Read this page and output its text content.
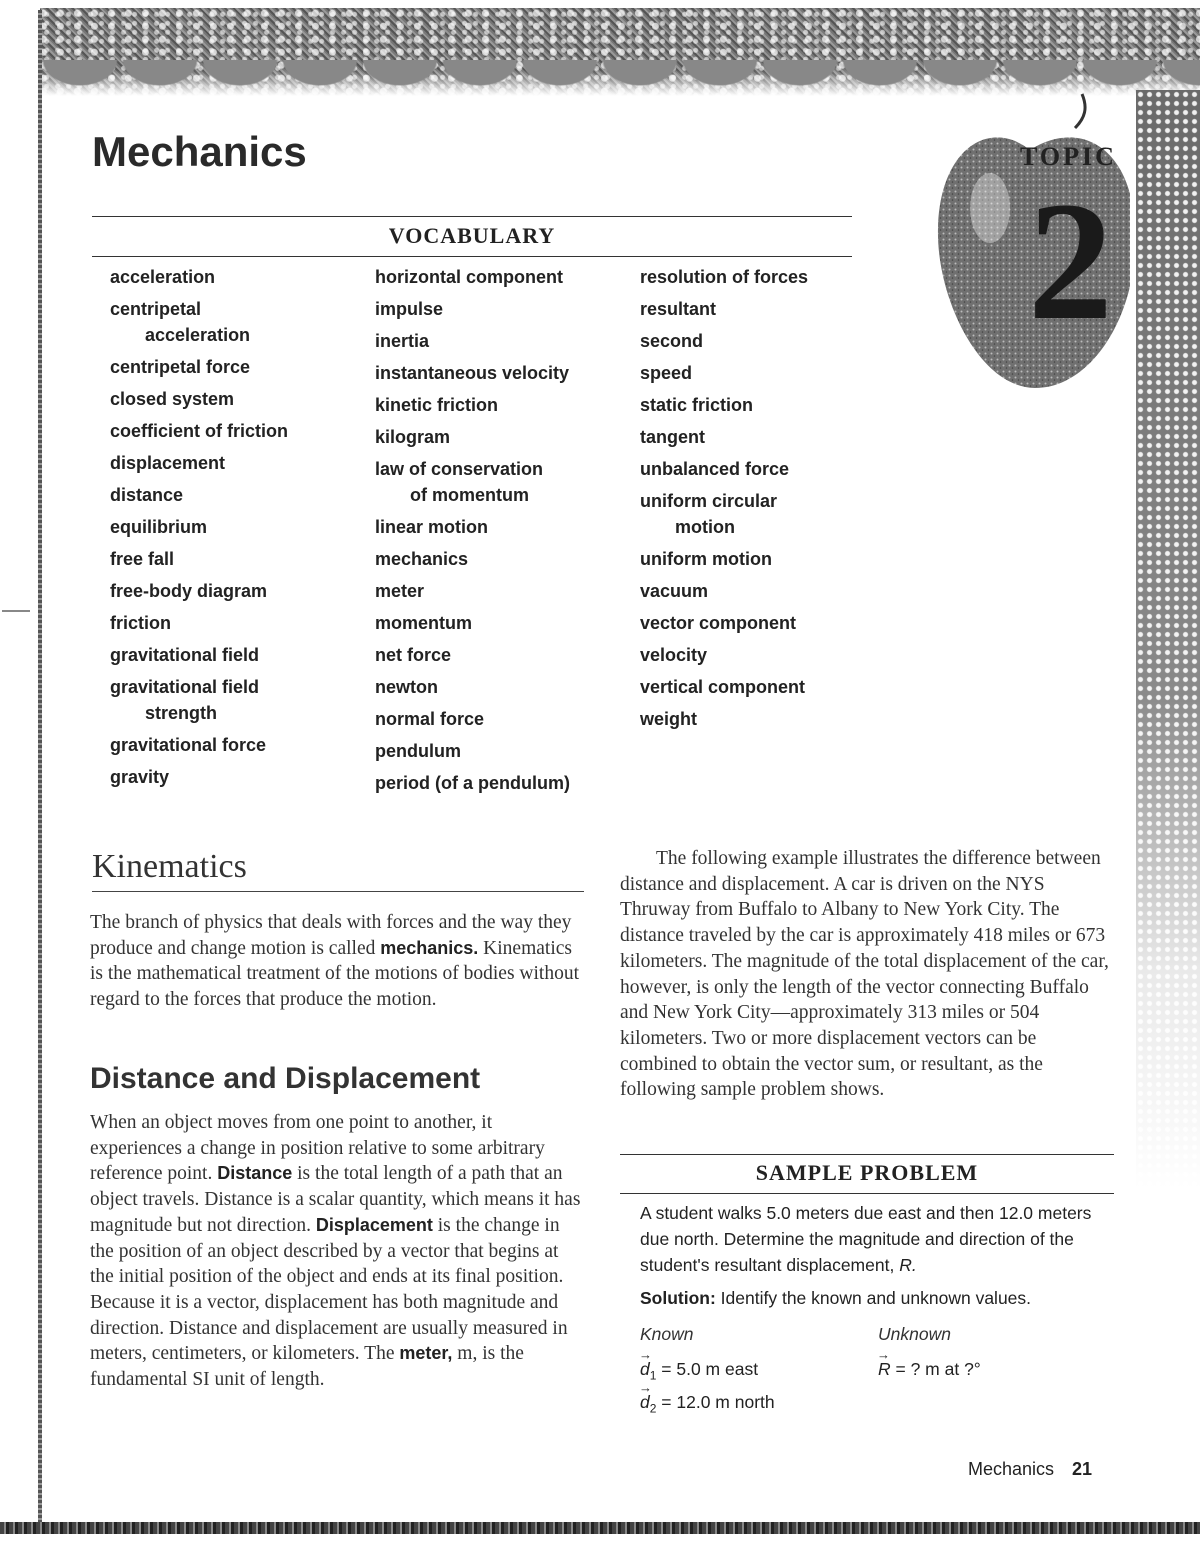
2
TOPIC
Mechanics
VOCABULARY
acceleration
centripetal
acceleration
centripetal force
closed system
coefficient of friction
displacement
distance
equilibrium
free fall
free-body diagram
friction
gravitational field
gravitational field
strength
gravitational force
gravity
horizontal component
impulse
inertia
instantaneous velocity
kinetic friction
kilogram
law of conservation
of momentum
linear motion
mechanics
meter
momentum
net force
newton
normal force
pendulum
period (of a pendulum)
resolution of forces
resultant
second
speed
static friction
tangent
unbalanced force
uniform circular
motion
uniform motion
vacuum
vector component
velocity
vertical component
weight
Kinematics

The branch of physics that deals with forces and the way they produce and change motion is called mechanics. Kinematics is the mathematical treatment of the motions of bodies without regard to the forces that produce the motion.

Distance and Displacement

When an object moves from one point to another, it experiences a change in position relative to some arbitrary reference point. Distance is the total length of a path that an object travels. Distance is a scalar quantity, which means it has magnitude but not direction. Displacement is the change in the position of an object described by a vector that begins at the initial position of the object and ends at its final position. Because it is a vector, displacement has both magnitude and direction. Distance and displacement are usually measured in meters, centimeters, or kilometers. The meter, m, is the fundamental SI unit of length.

The following example illustrates the difference between distance and displacement. A car is driven on the NYS Thruway from Buffalo to Albany to New York City. The distance traveled by the car is approximately 418 miles or 673 kilometers. The magnitude of the total displacement of the car, however, is only the length of the vector connecting Buffalo and New York City—approximately 313 miles or 504 kilometers. Two or more displacement vectors can be combined to obtain the vector sum, or resultant, as the following sample problem shows.

SAMPLE PROBLEM

A student walks 5.0 meters due east and then 12.0 meters due north. Determine the magnitude and direction of the student's resultant displacement, R.

Solution: Identify the known and unknown values.

Known	Unknown
→ $d_1 = 5.0$ m east
→ $d_2 = 12.0$ m north
→ R = ? m at ?°
Mechanics 21
